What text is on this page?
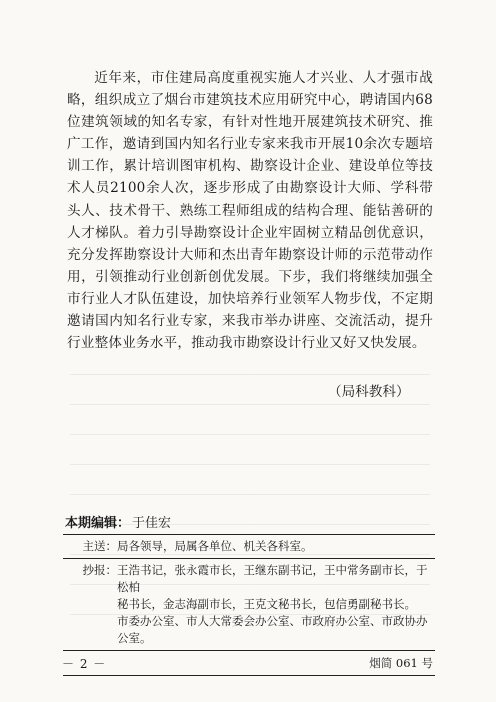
近年来，市住建局高度重视实施人才兴业、人才强市战略，组织成立了烟台市建筑技术应用研究中心，聘请国内68位建筑领域的知名专家，有针对性地开展建筑技术研究、推广工作，邀请到国内知名行业专家来我市开展10余次专题培训工作，累计培训图审机构、勘察设计企业、建设单位等技术人员2100余人次，逐步形成了由勘察设计大师、学科带头人、技术骨干、熟练工程师组成的结构合理、能钻善研的人才梯队。着力引导勘察设计企业牢固树立精品创优意识，充分发挥勘察设计大师和杰出青年勘察设计师的示范带动作用，引领推动行业创新创优发展。下步，我们将继续加强全市行业人才队伍建设，加快培养行业领军人物步伐，不定期邀请国内知名行业专家，来我市举办讲座、交流活动，提升行业整体业务水平，推动我市勘察设计行业又好又快发展。

（局科教科）
本期编辑： 于佳宏
主送： 局各领导，局属各单位、机关各科室。
抄报： 王浩书记，张永霞市长，王继东副书记，王中常务副市长，于松柏
秘书长，金志海副市长，王克文秘书长，包信勇副秘书长。
市委办公室、市人大常委会办公室、市政府办公室、市政协办公室。
烟简 061 号
－ 2 －
